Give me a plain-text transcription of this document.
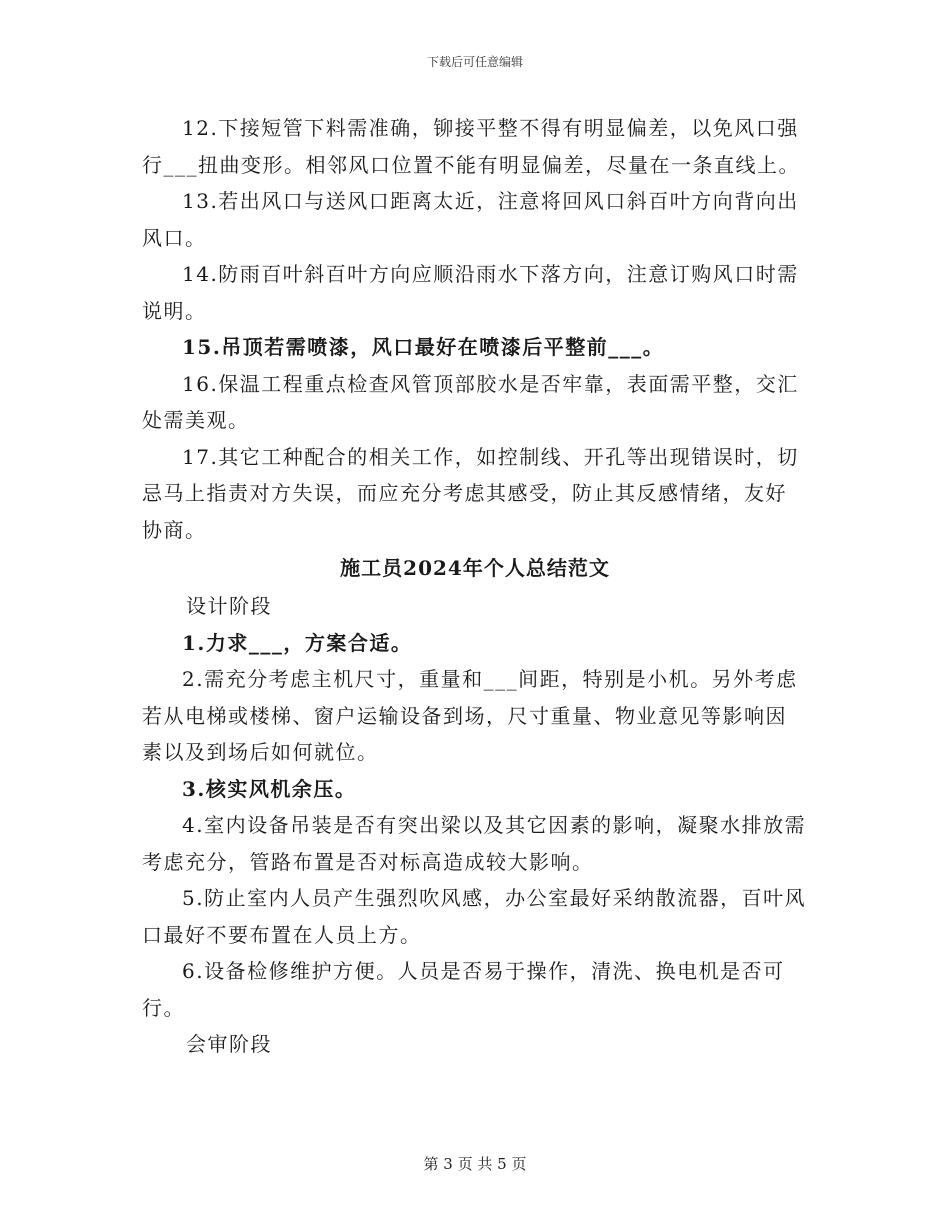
下载后可任意编辑

12.下接短管下料需准确，铆接平整不得有明显偏差，以免风口强行___扭曲变形。相邻风口位置不能有明显偏差，尽量在一条直线上。

13.若出风口与送风口距离太近，注意将回风口斜百叶方向背向出风口。

14.防雨百叶斜百叶方向应顺沿雨水下落方向，注意订购风口时需说明。

15.吊顶若需喷漆，风口最好在喷漆后平整前___。

16.保温工程重点检查风管顶部胶水是否牢靠，表面需平整，交汇处需美观。

17.其它工种配合的相关工作，如控制线、开孔等出现错误时，切忌马上指责对方失误，而应充分考虑其感受，防止其反感情绪，友好协商。

施工员2024年个人总结范文

设计阶段

1.力求___，方案合适。

2.需充分考虑主机尺寸，重量和___间距，特别是小机。另外考虑若从电梯或楼梯、窗户运输设备到场，尺寸重量、物业意见等影响因素以及到场后如何就位。

3.核实风机余压。

4.室内设备吊装是否有突出梁以及其它因素的影响，凝聚水排放需考虑充分，管路布置是否对标高造成较大影响。

5.防止室内人员产生强烈吹风感，办公室最好采纳散流器，百叶风口最好不要布置在人员上方。

6.设备检修维护方便。人员是否易于操作，清洗、换电机是否可行。

会审阶段

第 3 页 共 5 页
